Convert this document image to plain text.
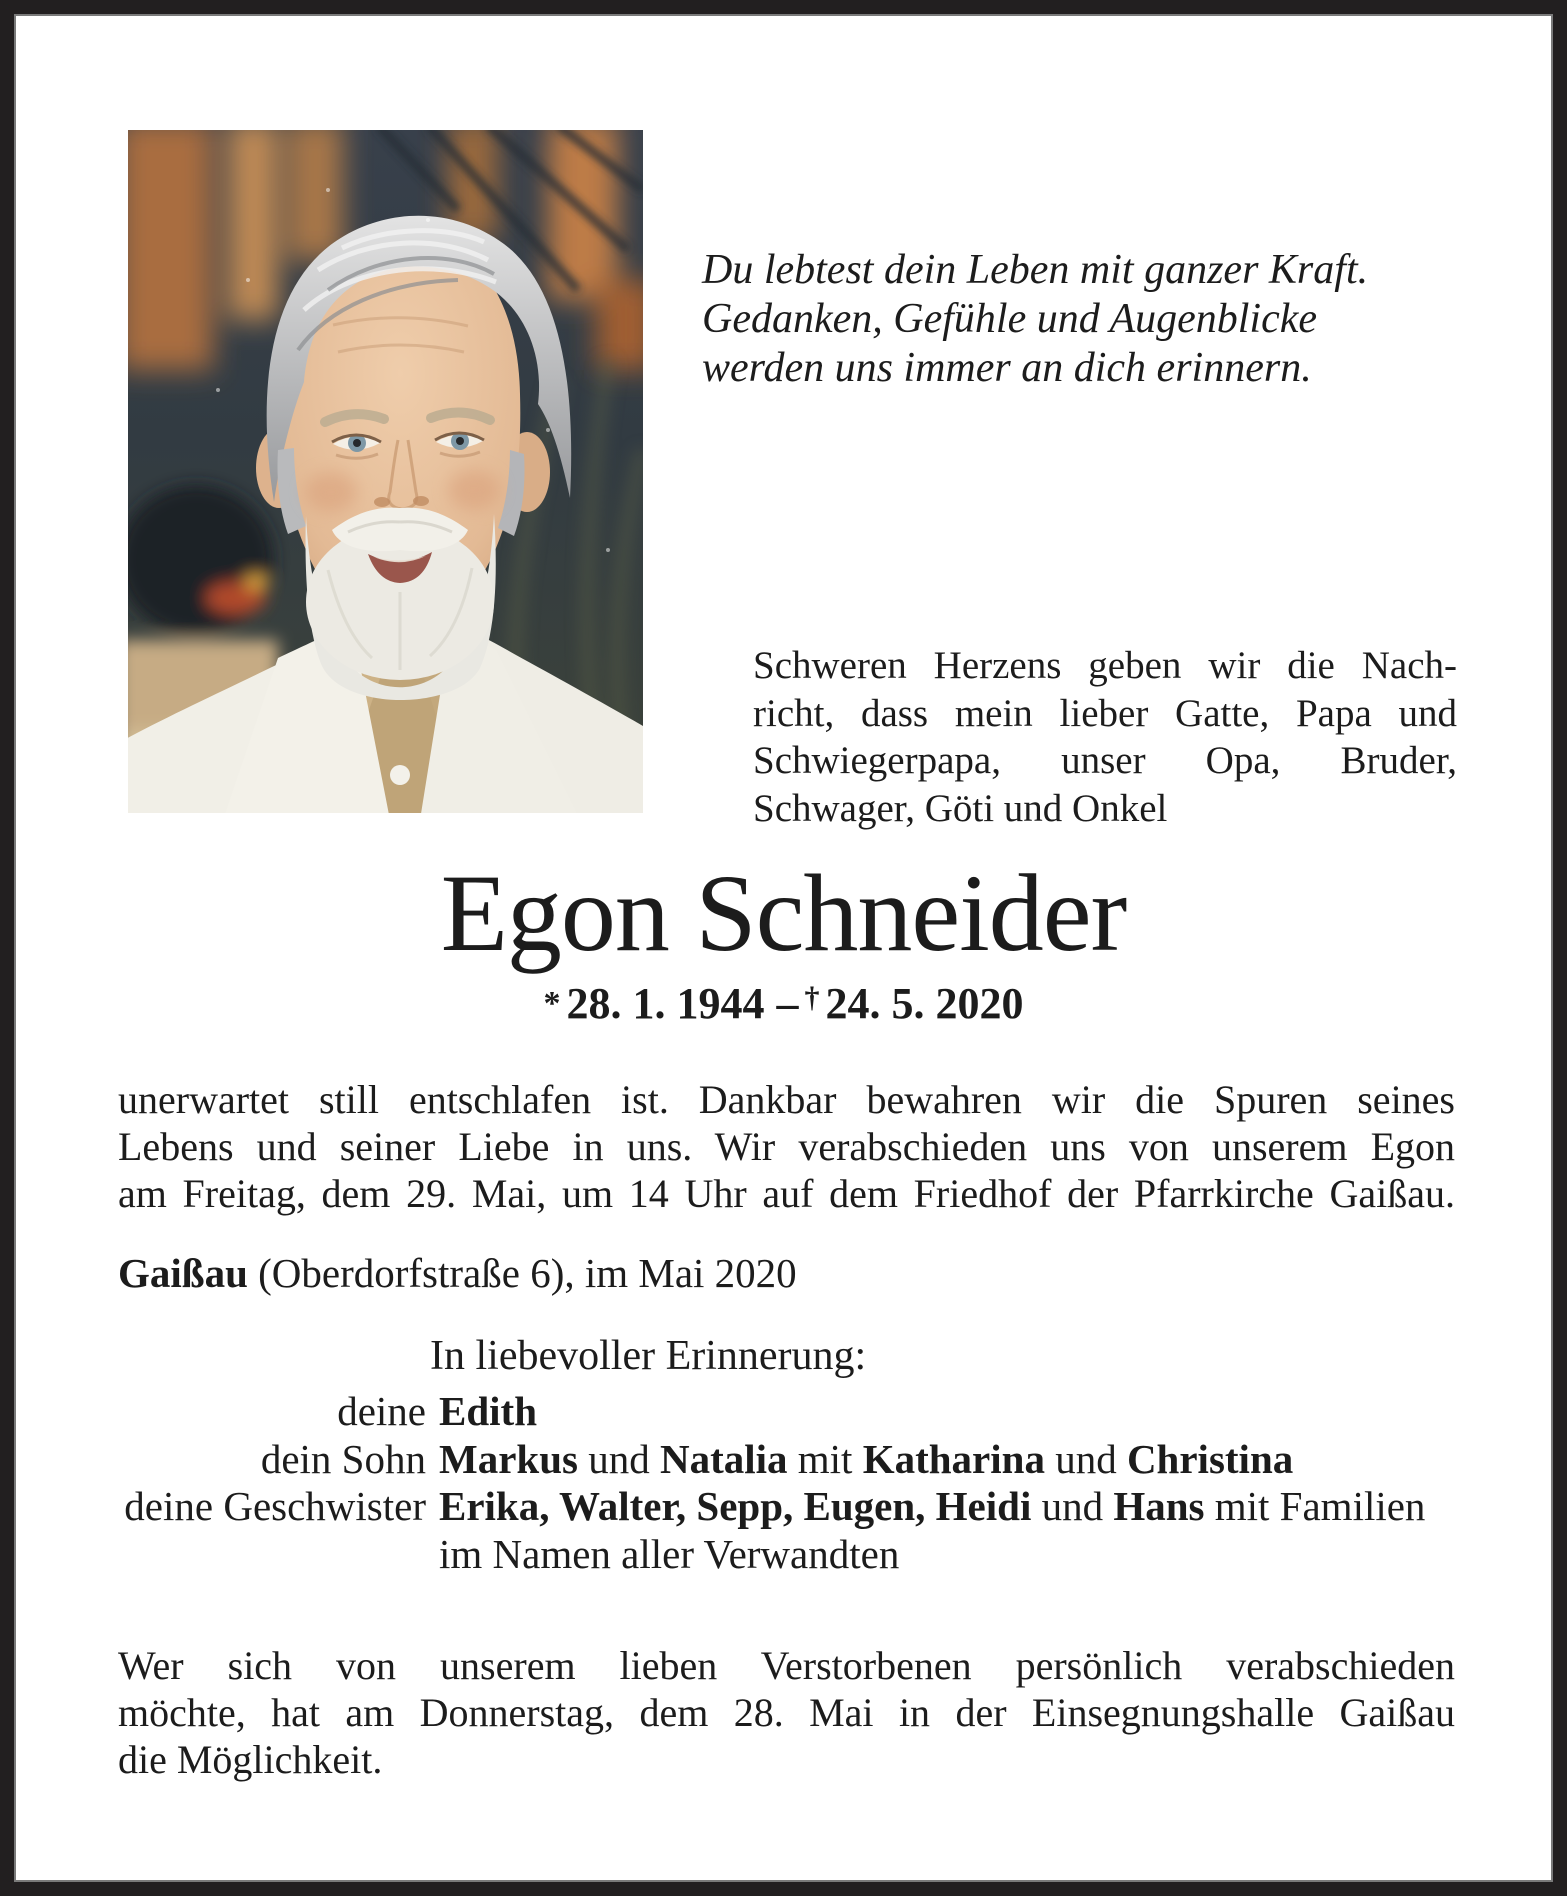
Du lebtest dein Leben mit ganzer Kraft.
Gedanken, Gefühle und Augenblicke
werden uns immer an dich erinnern.
Schweren Herzens geben wir die Nach-
richt, dass mein lieber Gatte, Papa und
Schwiegerpapa, unser Opa, Bruder,
Schwager, Göti und Onkel
Egon Schneider
* 28. 1. 1944 – † 24. 5. 2020
unerwartet still entschlafen ist. Dankbar bewahren wir die Spuren seines
Lebens und seiner Liebe in uns. Wir verabschieden uns von unserem Egon
am Freitag, dem 29. Mai, um 14 Uhr auf dem Friedhof der Pfarrkirche Gaißau.
Gaißau (Oberdorfstraße 6), im Mai 2020
In liebevoller Erinnerung:
deine Edith
dein Sohn Markus und Natalia mit Katharina und Christina
deine Geschwister Erika, Walter, Sepp, Eugen, Heidi und Hans mit Familien
im Namen aller Verwandten
Wer sich von unserem lieben Verstorbenen persönlich verabschieden
möchte, hat am Donnerstag, dem 28. Mai in der Einsegnungshalle Gaißau
die Möglichkeit.
